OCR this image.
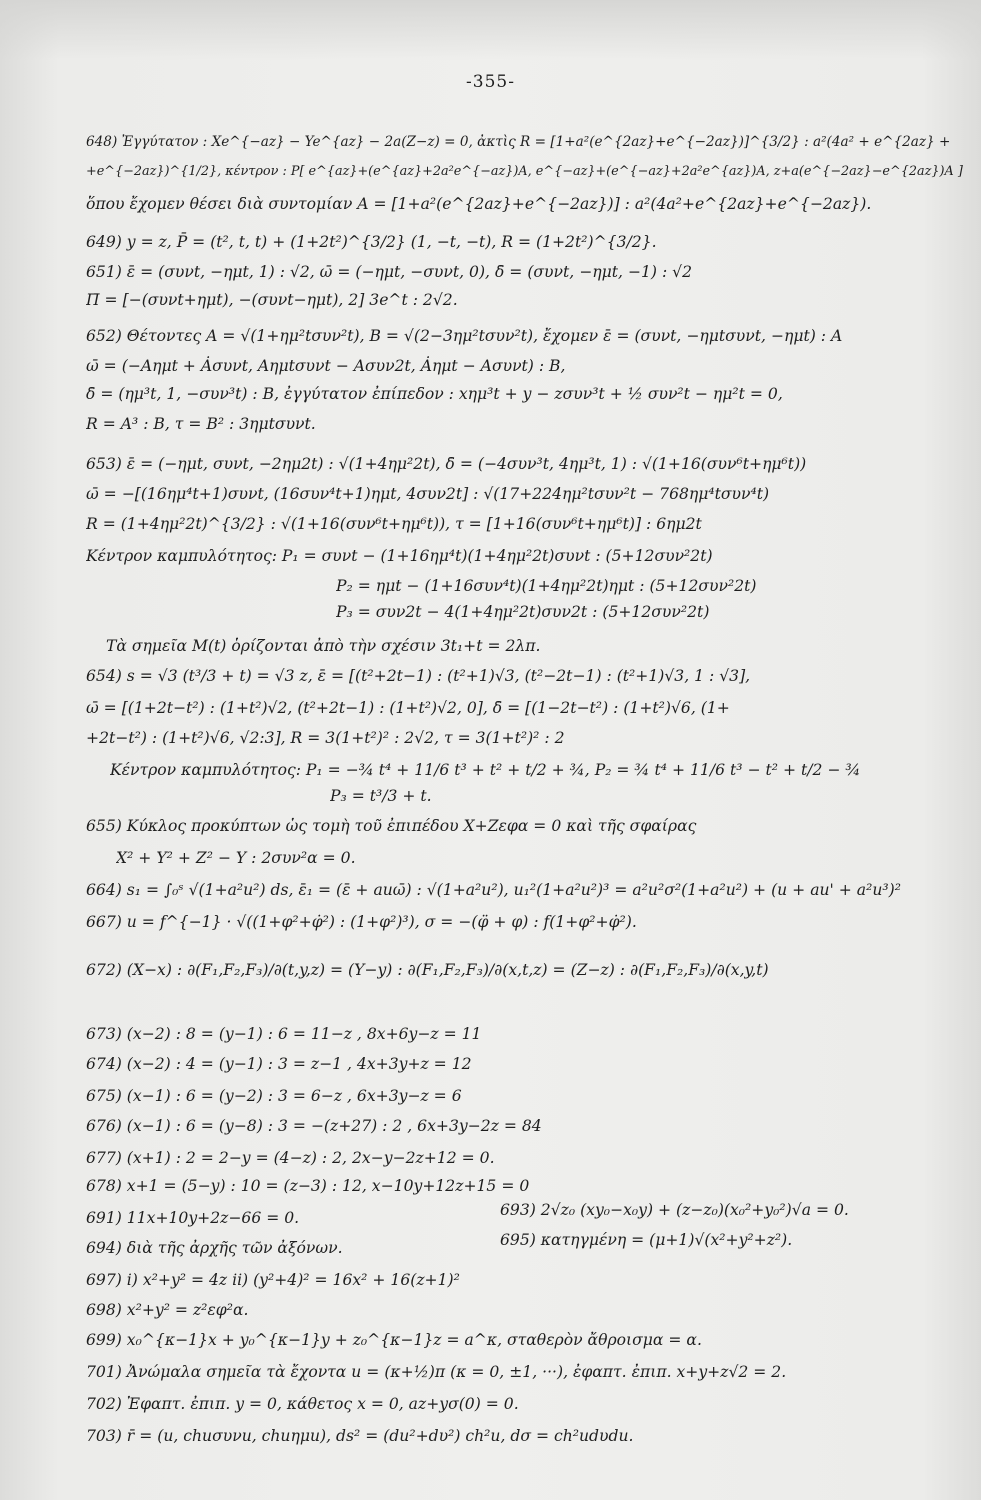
-355-
648) Ἐγγύτατον : Xe^{−az} − Ye^{az} − 2a(Z−z) = 0, ἀκτὶς R = [1+a²(e^{2az}+e^{−2az})]^{3/2} : a²(4a² + e^{2az} +
+e^{−2az})^{1/2}, κέντρον : P[ e^{az}+(e^{az}+2a²e^{−az})A, e^{−az}+(e^{−az}+2a²e^{az})A, z+a(e^{−2az}−e^{2az})A ]
ὅπου ἔχομεν θέσει διὰ συντομίαν A = [1+a²(e^{2az}+e^{−2az})] : a²(4a²+e^{2az}+e^{−2az}).
649) y = z, P̄ = (t², t, t) + (1+2t²)^{3/2} (1, −t, −t), R = (1+2t²)^{3/2}.
651) ε̄ = (συνt, −ημt, 1) : √2, ω̄ = (−ημt, −συνt, 0), δ̄ = (συνt, −ημt, −1) : √2
Π̄ = [−(συνt+ημt), −(συνt−ημt), 2] 3e^t : 2√2.
652) Θέτοντες A = √(1+ημ²tσυν²t), B = √(2−3ημ²tσυν²t), ἔχομεν ε̄ = (συνt, −ημtσυνt, −ημt) : A
ω̄ = (−Aημt + Ȧσυνt, Aημtσυνt − Aσυν2t, Ȧημt − Aσυνt) : B,
δ̄ = (ημ³t, 1, −συν³t) : B, ἐγγύτατον ἐπίπεδον : xημ³t + y − zσυν³t + ½ συν²t − ημ²t = 0,
R = A³ : B, τ = B² : 3ημtσυνt.
653) ε̄ = (−ημt, συνt, −2ημ2t) : √(1+4ημ²2t), δ̄ = (−4συν³t, 4ημ³t, 1) : √(1+16(συν⁶t+ημ⁶t))
ω̄ = −[(16ημ⁴t+1)συνt, (16συν⁴t+1)ημt, 4συν2t] : √(17+224ημ²tσυν²t − 768ημ⁴tσυν⁴t)
R = (1+4ημ²2t)^{3/2} : √(1+16(συν⁶t+ημ⁶t)), τ = [1+16(συν⁶t+ημ⁶t)] : 6ημ2t
Κέντρον καμπυλότητος: P₁ = συνt − (1+16ημ⁴t)(1+4ημ²2t)συνt : (5+12συν²2t)
P₂ = ημt − (1+16συν⁴t)(1+4ημ²2t)ημt : (5+12συν²2t)
P₃ = συν2t − 4(1+4ημ²2t)συν2t : (5+12συν²2t)
Τὰ σημεῖα M(t) ὁρίζονται ἀπὸ τὴν σχέσιν 3t₁+t = 2λπ.
654) s = √3 (t³/3 + t) = √3 z, ε̄ = [(t²+2t−1) : (t²+1)√3, (t²−2t−1) : (t²+1)√3, 1 : √3],
ω̄ = [(1+2t−t²) : (1+t²)√2, (t²+2t−1) : (1+t²)√2, 0], δ̄ = [(1−2t−t²) : (1+t²)√6, (1+
+2t−t²) : (1+t²)√6, √2:3], R = 3(1+t²)² : 2√2, τ = 3(1+t²)² : 2
Κέντρον καμπυλότητος: P₁ = −¾ t⁴ + 11/6 t³ + t² + t/2 + ¾, P₂ = ¾ t⁴ + 11/6 t³ − t² + t/2 − ¾
P₃ = t³/3 + t.
655) Κύκλος προκύπτων ὡς τομὴ τοῦ ἐπιπέδου X+Zεφα = 0 καὶ τῆς σφαίρας
X² + Y² + Z² − Y : 2συν²α = 0.
664) s₁ = ∫₀ˢ √(1+a²u²) ds, ε̄₁ = (ε̄ + auω̄) : √(1+a²u²), u₁²(1+a²u²)³ = a²u²σ²(1+a²u²) + (u + au' + a²u³)²
667) u = f^{−1} · √((1+φ²+φ̇²) : (1+φ²)³), σ = −(φ̈ + φ) : f(1+φ²+φ̇²).
672) (X−x) : ∂(F₁,F₂,F₃)/∂(t,y,z) = (Y−y) : ∂(F₁,F₂,F₃)/∂(x,t,z) = (Z−z) : ∂(F₁,F₂,F₃)/∂(x,y,t)
673) (x−2) : 8 = (y−1) : 6 = 11−z , 8x+6y−z = 11
674) (x−2) : 4 = (y−1) : 3 = z−1 , 4x+3y+z = 12
675) (x−1) : 6 = (y−2) : 3 = 6−z , 6x+3y−z = 6
676) (x−1) : 6 = (y−8) : 3 = −(z+27) : 2 , 6x+3y−2z = 84
677) (x+1) : 2 = 2−y = (4−z) : 2, 2x−y−2z+12 = 0.
678) x+1 = (5−y) : 10 = (z−3) : 12, x−10y+12z+15 = 0
691) 11x+10y+2z−66 = 0.	693) 2√z₀ (xy₀−x₀y) + (z−z₀)(x₀²+y₀²)√a = 0.
694) διὰ τῆς ἀρχῆς τῶν ἀξόνων.	695) κατηγμένη = (μ+1)√(x²+y²+z²).
697) i) x²+y² = 4z ii) (y²+4)² = 16x² + 16(z+1)²
698) x²+y² = z²εφ²α.
699) x₀^{κ−1}x + y₀^{κ−1}y + z₀^{κ−1}z = a^κ, σταθερὸν ἄθροισμα = α.
701) Ἀνώμαλα σημεῖα τὰ ἔχοντα u = (κ+½)π (κ = 0, ±1, ···), ἐφαπτ. ἐπιπ. x+y+z√2 = 2.
702) Ἐφαπτ. ἐπιπ. y = 0, κάθετος x = 0, az+yσ(0) = 0.
703) r̄ = (u, chuσυνu, chuημu), ds² = (du²+dυ²) ch²u, dσ = ch²udυdu.
